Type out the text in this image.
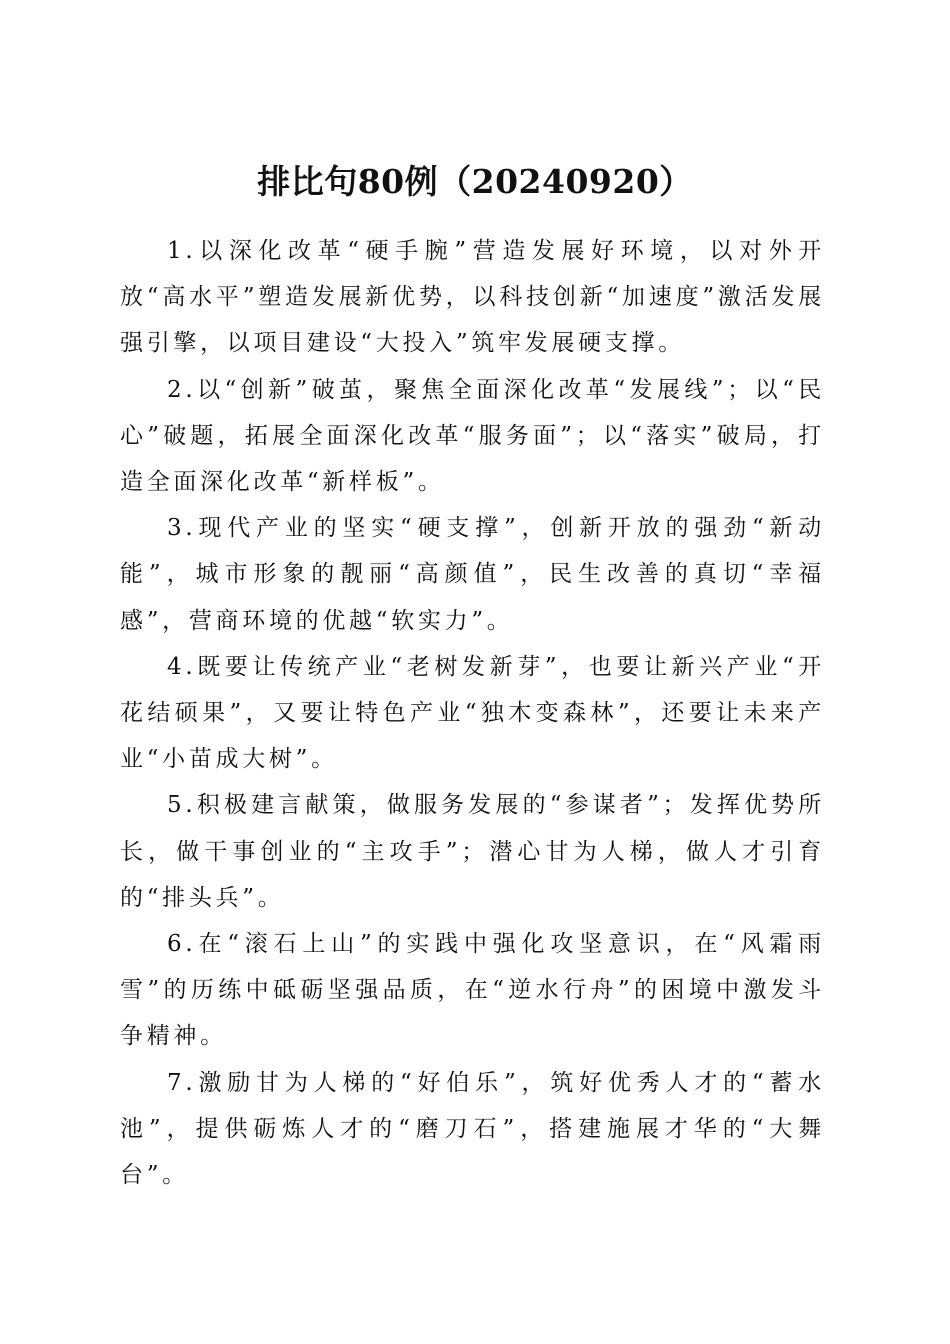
排比句80例（20240920）

1.以深化改革“硬手腕”营造发展好环境，以对外开放“高水平”塑造发展新优势，以科技创新“加速度”激活发展强引擎，以项目建设“大投入”筑牢发展硬支撑。

2.以“创新”破茧，聚焦全面深化改革“发展线”；以“民心”破题，拓展全面深化改革“服务面”；以“落实”破局，打造全面深化改革“新样板”。

3.现代产业的坚实“硬支撑”，创新开放的强劲“新动能”，城市形象的靓丽“高颜值”，民生改善的真切“幸福感”，营商环境的优越“软实力”。

4.既要让传统产业“老树发新芽”，也要让新兴产业“开花结硕果”，又要让特色产业“独木变森林”，还要让未来产业“小苗成大树”。

5.积极建言献策，做服务发展的“参谋者”；发挥优势所长，做干事创业的“主攻手”；潜心甘为人梯，做人才引育的“排头兵”。

6.在“滚石上山”的实践中强化攻坚意识，在“风霜雨雪”的历练中砥砺坚强品质，在“逆水行舟”的困境中激发斗争精神。

7.激励甘为人梯的“好伯乐”，筑好优秀人才的“蓄水池”，提供砺炼人才的“磨刀石”，搭建施展才华的“大舞台”。
